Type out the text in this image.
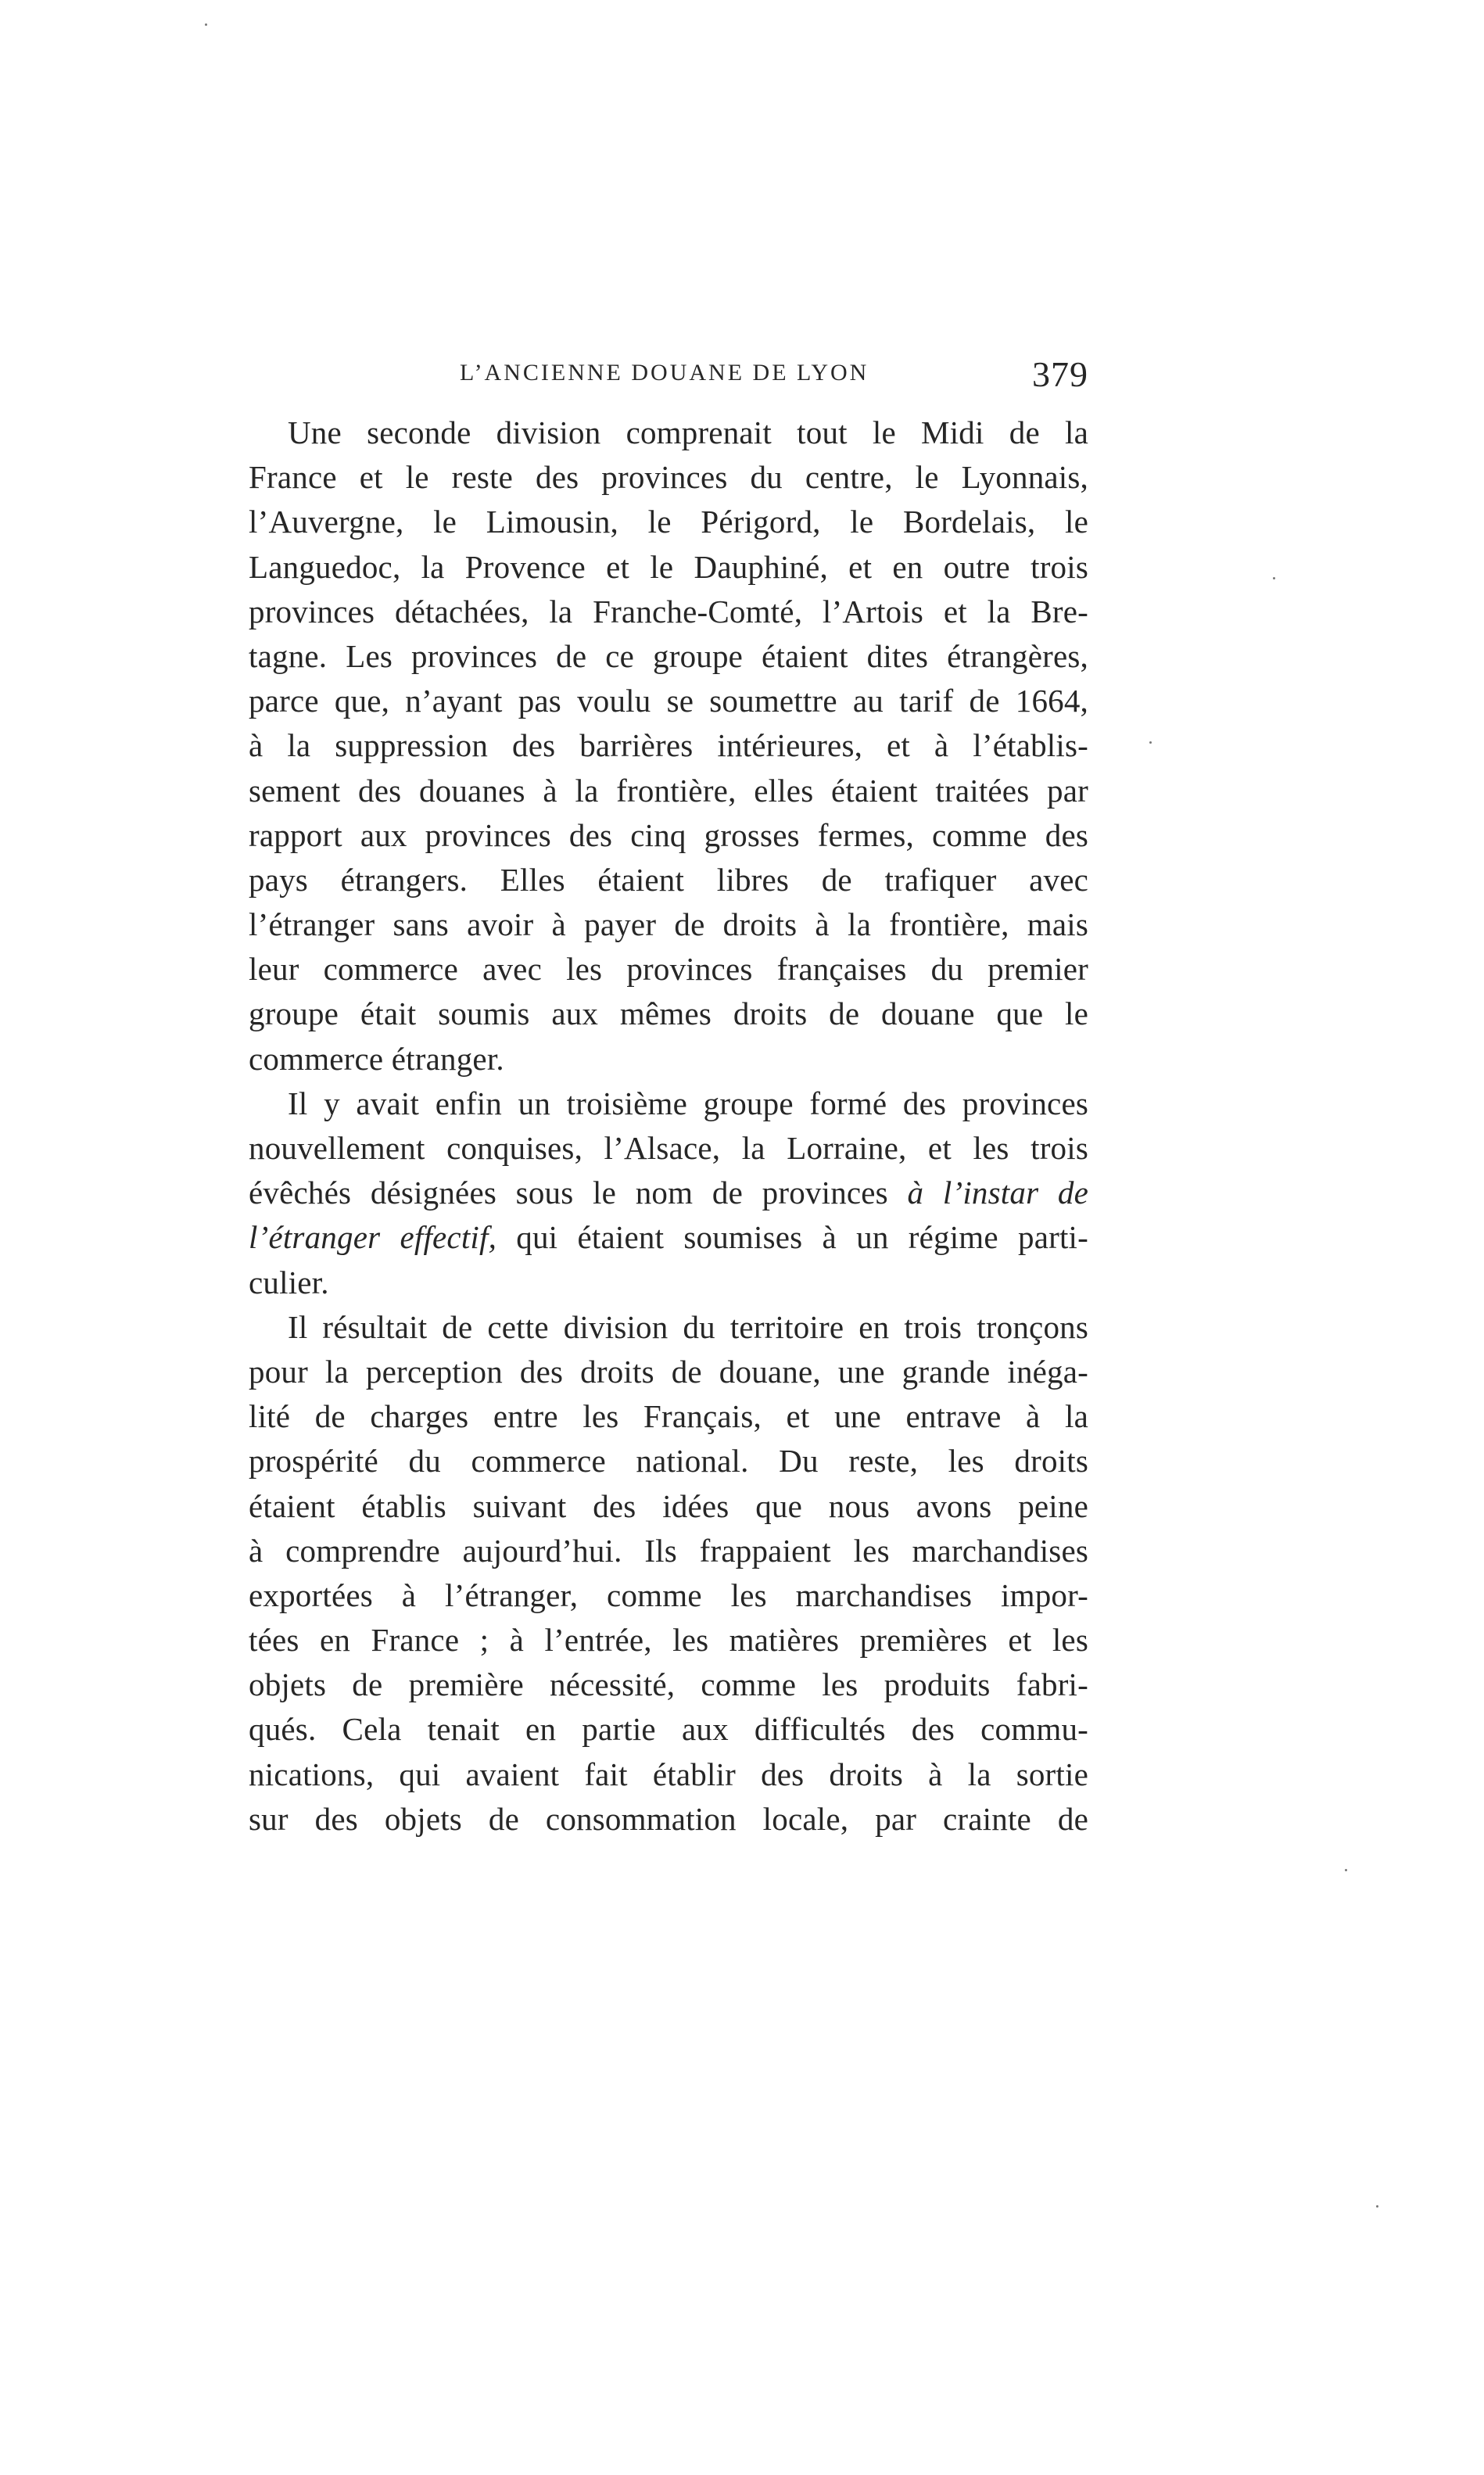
L’ANCIENNE DOUANE DE LYON	379
Une seconde division comprenait tout le Midi de la
France et le reste des provinces du centre, le Lyonnais,
l’Auvergne, le Limousin, le Périgord, le Bordelais, le
Languedoc, la Provence et le Dauphiné, et en outre trois
provinces détachées, la Franche-Comté, l’Artois et la Bre-
tagne. Les provinces de ce groupe étaient dites étrangères,
parce que, n’ayant pas voulu se soumettre au tarif de 1664,
à la suppression des barrières intérieures, et à l’établis-
sement des douanes à la frontière, elles étaient traitées par
rapport aux provinces des cinq grosses fermes, comme des
pays étrangers. Elles étaient libres de trafiquer avec
l’étranger sans avoir à payer de droits à la frontière, mais
leur commerce avec les provinces françaises du premier
groupe était soumis aux mêmes droits de douane que le
commerce étranger.
Il y avait enfin un troisième groupe formé des provinces
nouvellement conquises, l’Alsace, la Lorraine, et les trois
évêchés désignées sous le nom de provinces à l’instar de
l’étranger effectif, qui étaient soumises à un régime parti-
culier.
Il résultait de cette division du territoire en trois tronçons
pour la perception des droits de douane, une grande inéga-
lité de charges entre les Français, et une entrave à la
prospérité du commerce national. Du reste, les droits
étaient établis suivant des idées que nous avons peine
à comprendre aujourd’hui. Ils frappaient les marchandises
exportées à l’étranger, comme les marchandises impor-
tées en France ; à l’entrée, les matières premières et les
objets de première nécessité, comme les produits fabri-
qués. Cela tenait en partie aux difficultés des commu-
nications, qui avaient fait établir des droits à la sortie
sur des objets de consommation locale, par crainte de
